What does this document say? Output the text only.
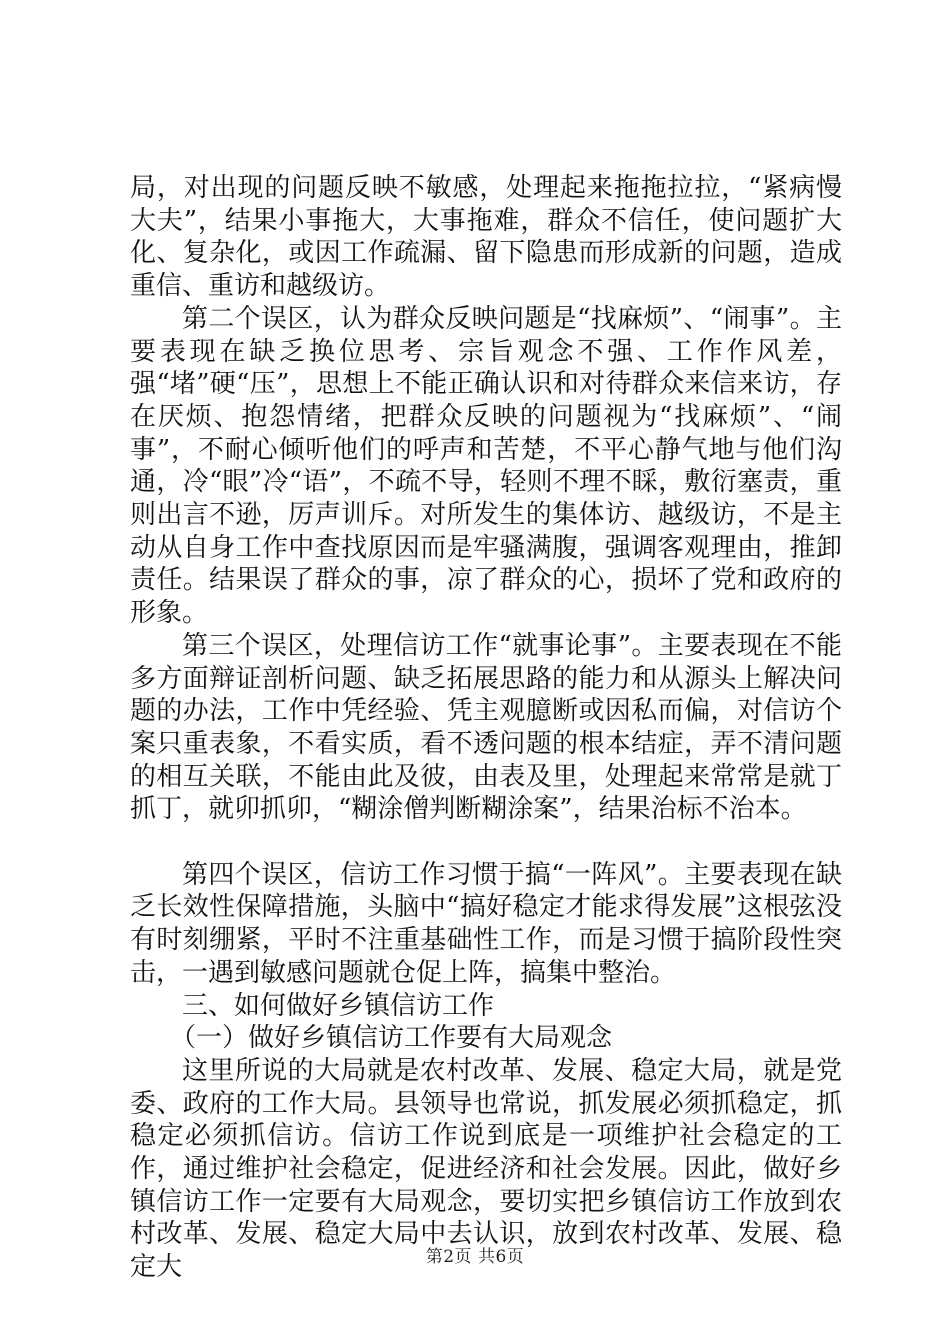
局，对出现的问题反映不敏感，处理起来拖拖拉拉，“紧病慢大夫”，结果小事拖大，大事拖难，群众不信任，使问题扩大化、复杂化，或因工作疏漏、留下隐患而形成新的问题，造成重信、重访和越级访。

第二个误区，认为群众反映问题是“找麻烦”、“闹事”。主要表现在缺乏换位思考、宗旨观念不强、工作作风差，强“堵”硬“压”，思想上不能正确认识和对待群众来信来访，存在厌烦、抱怨情绪，把群众反映的问题视为“找麻烦”、“闹事”，不耐心倾听他们的呼声和苦楚，不平心静气地与他们沟通，冷“眼”冷“语”，不疏不导，轻则不理不睬，敷衍塞责，重则出言不逊，厉声训斥。对所发生的集体访、越级访，不是主动从自身工作中查找原因而是牢骚满腹，强调客观理由，推卸责任。结果误了群众的事，凉了群众的心，损坏了党和政府的形象。

第三个误区，处理信访工作“就事论事”。主要表现在不能多方面辩证剖析问题、缺乏拓展思路的能力和从源头上解决问题的办法，工作中凭经验、凭主观臆断或因私而偏，对信访个案只重表象，不看实质，看不透问题的根本结症，弄不清问题的相互关联，不能由此及彼，由表及里，处理起来常常是就丁抓丁，就卯抓卯，“糊涂僧判断糊涂案”，结果治标不治本。

第四个误区，信访工作习惯于搞“一阵风”。主要表现在缺乏长效性保障措施，头脑中“搞好稳定才能求得发展”这根弦没有时刻绷紧，平时不注重基础性工作，而是习惯于搞阶段性突击，一遇到敏感问题就仓促上阵，搞集中整治。

三、如何做好乡镇信访工作

（一）做好乡镇信访工作要有大局观念

这里所说的大局就是农村改革、发展、稳定大局，就是党委、政府的工作大局。县领导也常说，抓发展必须抓稳定，抓稳定必须抓信访。信访工作说到底是一项维护社会稳定的工作，通过维护社会稳定，促进经济和社会发展。因此，做好乡镇信访工作一定要有大局观念，要切实把乡镇信访工作放到农村改革、发展、稳定大局中去认识，放到农村改革、发展、稳定大	第2页 共6页
